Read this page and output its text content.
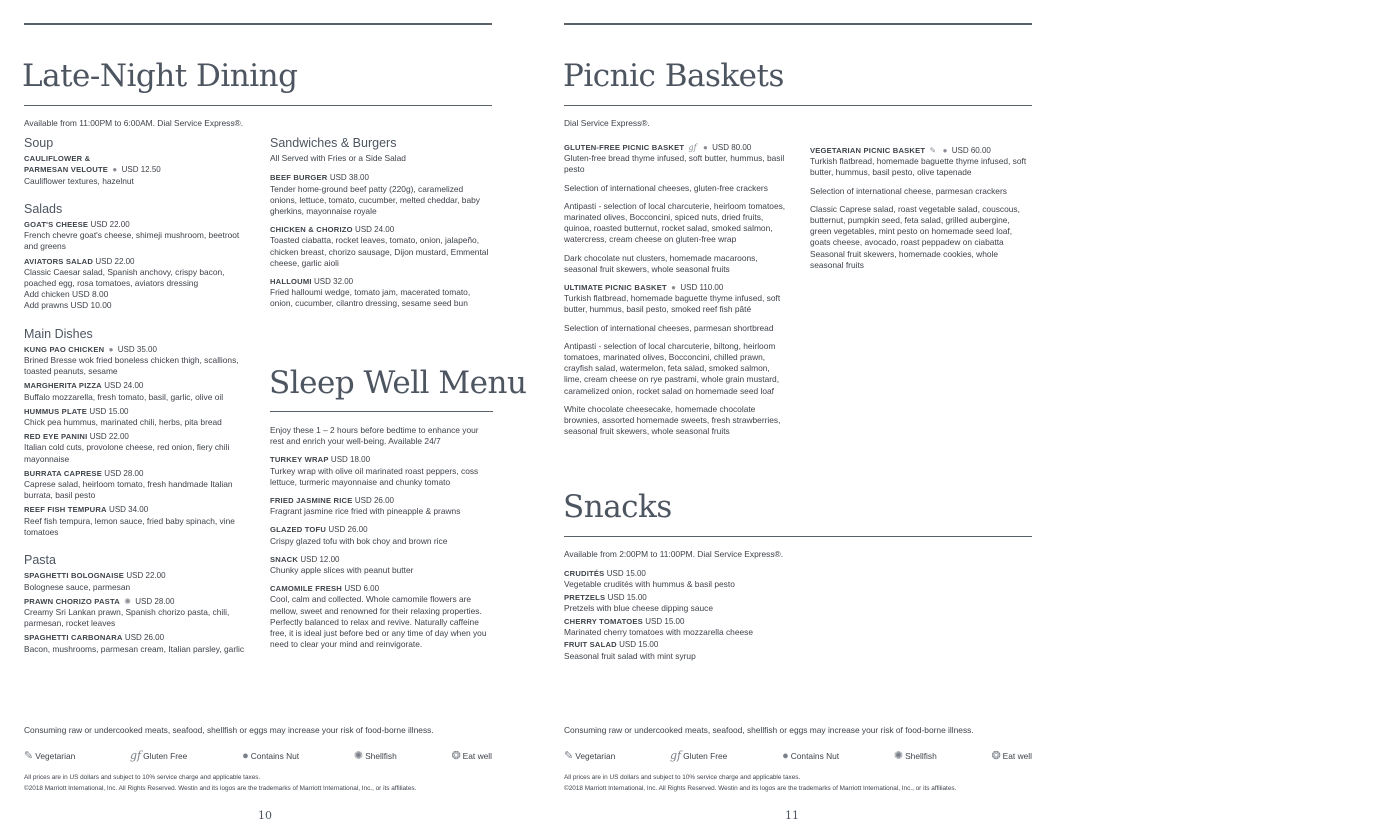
Late-Night Dining
Available from 11:00PM to 6:00AM. Dial Service Express®.
Soup
CAULIFLOWER &
PARMESAN VELOUTE ● USD 12.50
Cauliflower textures, hazelnut
Salads
GOAT'S CHEESE USD 22.00
French chevre goat's cheese, shimeji mushroom, beetroot and greens
AVIATORS SALAD USD 22.00
Classic Caesar salad, Spanish anchovy, crispy bacon, poached egg, rosa tomatoes, aviators dressing
Add chicken USD 8.00
Add prawns USD 10.00
Main Dishes
KUNG PAO CHICKEN ● USD 35.00
Brined Bresse wok fried boneless chicken thigh, scallions, toasted peanuts, sesame
MARGHERITA PIZZA USD 24.00
Buffalo mozzarella, fresh tomato, basil, garlic, olive oil
HUMMUS PLATE USD 15.00
Chick pea hummus, marinated chili, herbs, pita bread
RED EYE PANINI USD 22.00
Italian cold cuts, provolone cheese, red onion, fiery chili mayonnaise
BURRATA CAPRESE USD 28.00
Caprese salad, heirloom tomato, fresh handmade Italian burrata, basil pesto
REEF FISH TEMPURA USD 34.00
Reef fish tempura, lemon sauce, fried baby spinach, vine tomatoes
Pasta
SPAGHETTI BOLOGNAISE USD 22.00
Bolognese sauce, parmesan
PRAWN CHORIZO PASTA ✺ USD 28.00
Creamy Sri Lankan prawn, Spanish chorizo pasta, chili, parmesan, rocket leaves
SPAGHETTI CARBONARA USD 26.00
Bacon, mushrooms, parmesan cream, Italian parsley, garlic
Sandwiches & Burgers
All Served with Fries or a Side Salad
BEEF BURGER USD 38.00
Tender home-ground beef patty (220g), caramelized onions, lettuce, tomato, cucumber, melted cheddar, baby gherkins, mayonnaise royale
CHICKEN & CHORIZO USD 24.00
Toasted ciabatta, rocket leaves, tomato, onion, jalapeño, chicken breast, chorizo sausage, Dijon mustard, Emmental cheese, garlic aioli
HALLOUMI USD 32.00
Fried halloumi wedge, tomato jam, macerated tomato, onion, cucumber, cilantro dressing, sesame seed bun
Sleep Well Menu
Enjoy these 1 – 2 hours before bedtime to enhance your rest and enrich your well-being. Available 24/7
TURKEY WRAP USD 18.00
Turkey wrap with olive oil marinated roast peppers, coss lettuce, turmeric mayonnaise and chunky tomato
FRIED JASMINE RICE USD 26.00
Fragrant jasmine rice fried with pineapple & prawns
GLAZED TOFU USD 26.00
Crispy glazed tofu with bok choy and brown rice
SNACK USD 12.00
Chunky apple slices with peanut butter
CAMOMILE FRESH USD 6.00
Cool, calm and collected. Whole camomile flowers are mellow, sweet and renowned for their relaxing properties. Perfectly balanced to relax and revive. Naturally caffeine free, it is ideal just before bed or any time of day when you need to clear your mind and reinvigorate.
Consuming raw or undercooked meats, seafood, shellfish or eggs may increase your risk of food-borne illness.
✎ Vegetarian	gf Gluten Free	● Contains Nut	✺ Shellfish	❂ Eat well
All prices are in US dollars and subject to 10% service charge and applicable taxes.
©2018 Marriott International, Inc. All Rights Reserved. Westin and its logos are the trademarks of Marriott International, Inc., or its affiliates.
10
Picnic Baskets
Dial Service Express®.
GLUTEN-FREE PICNIC BASKET gf ● USD 80.00
Gluten-free bread thyme infused, soft butter, hummus, basil pesto
Selection of international cheeses, gluten-free crackers
Antipasti - selection of local charcuterie, heirloom tomatoes, marinated olives, Bocconcini, spiced nuts, dried fruits, quinoa, roasted butternut, rocket salad, smoked salmon, watercress, cream cheese on gluten-free wrap
Dark chocolate nut clusters, homemade macaroons, seasonal fruit skewers, whole seasonal fruits
ULTIMATE PICNIC BASKET ● USD 110.00
Turkish flatbread, homemade baguette thyme infused, soft butter, hummus, basil pesto, smoked reef fish pâté
Selection of international cheeses, parmesan shortbread
Antipasti - selection of local charcuterie, biltong, heirloom tomatoes, marinated olives, Bocconcini, chilled prawn, crayfish salad, watermelon, feta salad, smoked salmon, lime, cream cheese on rye pastrami, whole grain mustard, caramelized onion, rocket salad on homemade seed loaf
White chocolate cheesecake, homemade chocolate brownies, assorted homemade sweets, fresh strawberries, seasonal fruit skewers, whole seasonal fruits
VEGETARIAN PICNIC BASKET ✎ ● USD 60.00
Turkish flatbread, homemade baguette thyme infused, soft butter, hummus, basil pesto, olive tapenade
Selection of international cheese, parmesan crackers
Classic Caprese salad, roast vegetable salad, couscous, butternut, pumpkin seed, feta salad, grilled aubergine, green vegetables, mint pesto on homemade seed loaf, goats cheese, avocado, roast peppadew on ciabatta Seasonal fruit skewers, homemade cookies, whole seasonal fruits
Snacks
Available from 2:00PM to 11:00PM. Dial Service Express®.
CRUDITÉS USD 15.00
Vegetable crudités with hummus & basil pesto
PRETZELS USD 15.00
Pretzels with blue cheese dipping sauce
CHERRY TOMATOES USD 15.00
Marinated cherry tomatoes with mozzarella cheese
FRUIT SALAD USD 15.00
Seasonal fruit salad with mint syrup
Consuming raw or undercooked meats, seafood, shellfish or eggs may increase your risk of food-borne illness.
✎ Vegetarian	gf Gluten Free	● Contains Nut	✺ Shellfish	❂ Eat well
All prices are in US dollars and subject to 10% service charge and applicable taxes.
©2018 Marriott International, Inc. All Rights Reserved. Westin and its logos are the trademarks of Marriott International, Inc., or its affiliates.
11
